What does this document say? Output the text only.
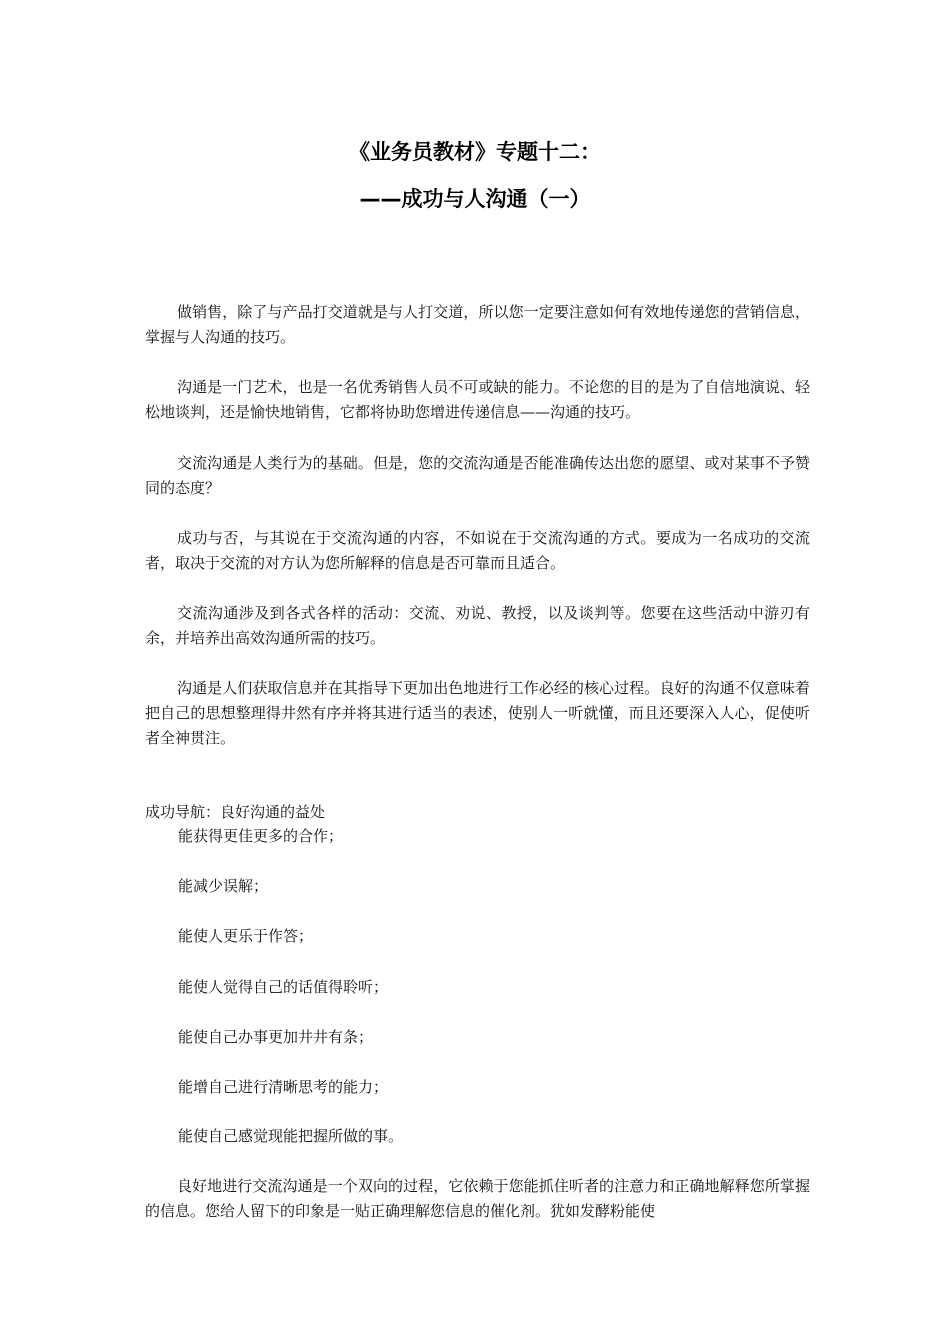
《业务员教材》专题十二：
——成功与人沟通（一）

做销售，除了与产品打交道就是与人打交道，所以您一定要注意如何有效地传递您的营销信息，掌握与人沟通的技巧。

沟通是一门艺术，也是一名优秀销售人员不可或缺的能力。不论您的目的是为了自信地演说、轻松地谈判，还是愉快地销售，它都将协助您增进传递信息——沟通的技巧。

交流沟通是人类行为的基础。但是，您的交流沟通是否能准确传达出您的愿望、或对某事不予赞同的态度？

成功与否，与其说在于交流沟通的内容，不如说在于交流沟通的方式。要成为一名成功的交流者，取决于交流的对方认为您所解释的信息是否可靠而且适合。

交流沟通涉及到各式各样的活动：交流、劝说、教授，以及谈判等。您要在这些活动中游刃有余，并培养出高效沟通所需的技巧。

沟通是人们获取信息并在其指导下更加出色地进行工作必经的核心过程。良好的沟通不仅意味着把自己的思想整理得井然有序并将其进行适当的表述，使别人一听就懂，而且还要深入人心，促使听者全神贯注。

成功导航：良好沟通的益处

能获得更佳更多的合作；

能减少误解；

能使人更乐于作答；

能使人觉得自己的话值得聆听；

能使自己办事更加井井有条；

能增自己进行清晰思考的能力；

能使自己感觉现能把握所做的事。

良好地进行交流沟通是一个双向的过程，它依赖于您能抓住听者的注意力和正确地解释您所掌握的信息。您给人留下的印象是一贴正确理解您信息的催化剂。犹如发酵粉能使
